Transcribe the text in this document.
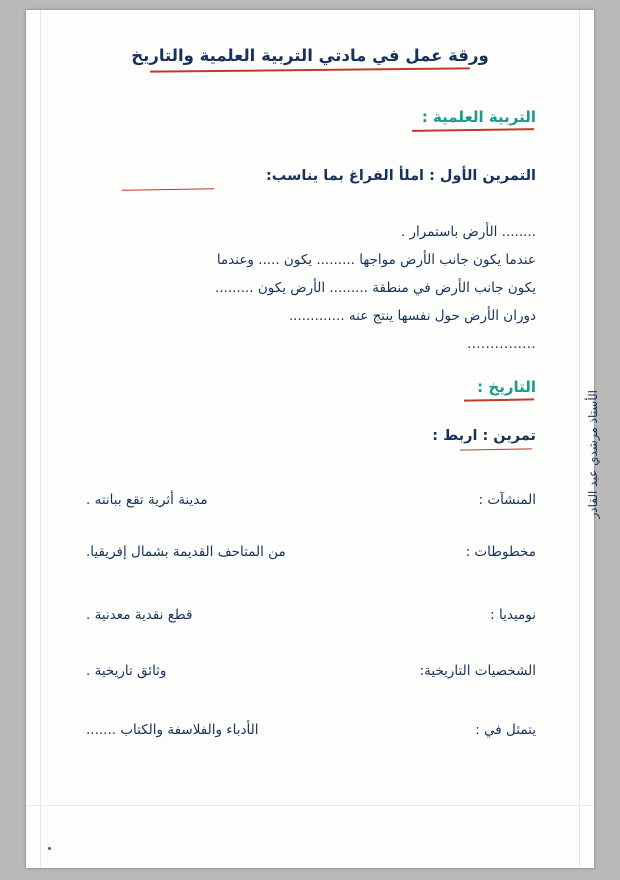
ورقة عمل في مادتي التربية العلمية والتاريخ
التربية العلمية :
التمرين الأول : املأ الفراغ بما يناسب:
........ الأرض باستمرار .
عندما يكون جانب الأرض مواجها ......... يكون ..... وعندما
يكون جانب الأرض في منطقة ......... الأرض يكون .........
دوران الأرض حول نفسها ينتج عنه .............
...............
التاريخ :
تمرين : اربط :
المنشآت :
مدينة أثرية تقع ببانته .
مخطوطات :
من المتاحف القديمة بشمال إفريقيا.
نوميديا :
قطع نقدية معدنية .
الشخصيات التاريخية:
وثائق تاريخية .
يتمثل في :
الأدباء والفلاسفة والكتاب .......
الأستاذ مرشدي عبد القادر
